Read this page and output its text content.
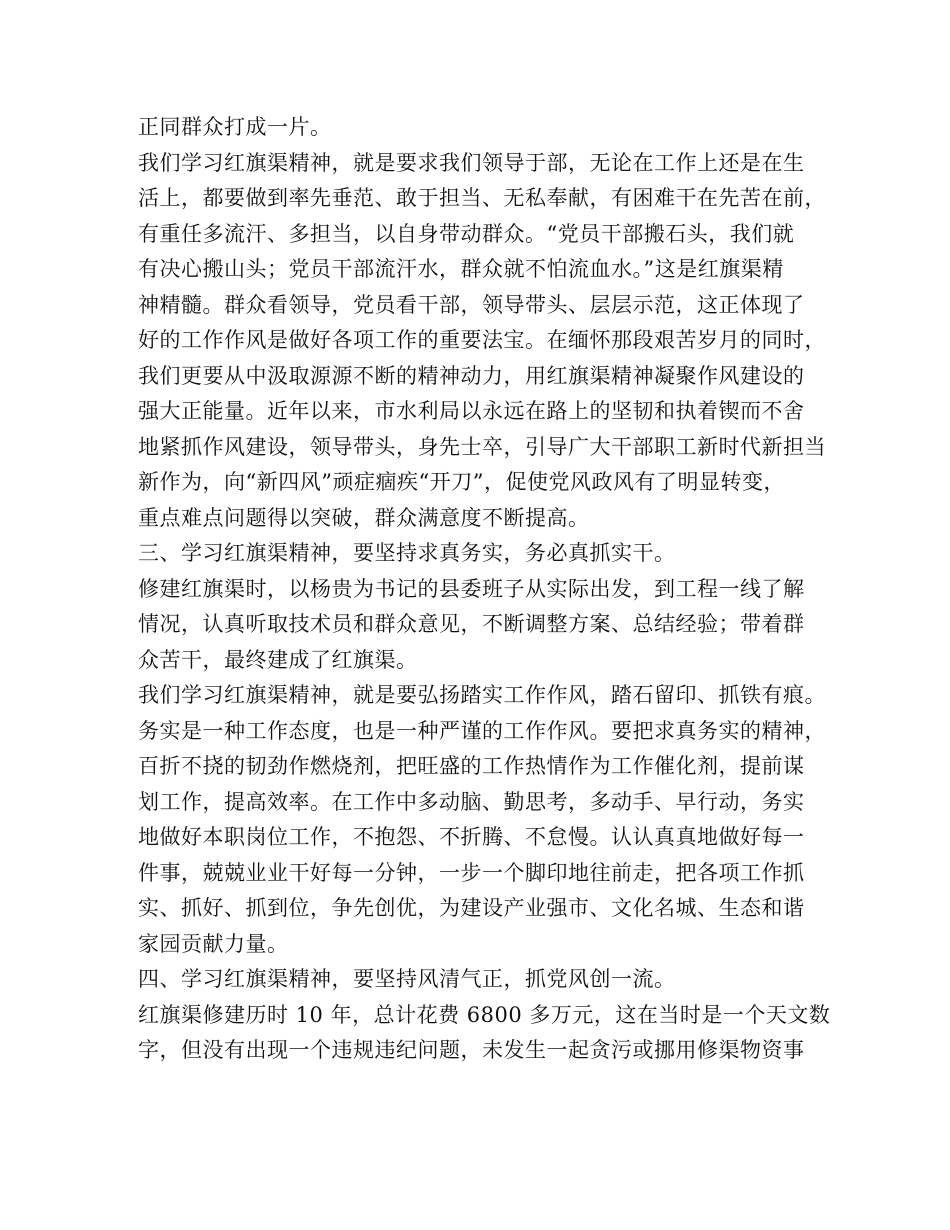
正同群众打成一片。

我们学习红旗渠精神，就是要求我们领导于部，无论在工作上还是在生

活上，都要做到率先垂范、敢于担当、无私奉献，有困难干在先苦在前，

有重任多流汗、多担当，以自身带动群众。“党员干部搬石头，我们就

有决心搬山头；党员干部流汗水，群众就不怕流血水。”这是红旗渠精

神精髓。群众看领导，党员看干部，领导带头、层层示范，这正体现了

好的工作作风是做好各项工作的重要法宝。在缅怀那段艰苦岁月的同时，

我们更要从中汲取源源不断的精神动力，用红旗渠精神凝聚作风建设的

强大正能量。近年以来，市水利局以永远在路上的坚韧和执着锲而不舍

地紧抓作风建设，领导带头，身先士卒，引导广大干部职工新时代新担当

新作为，向“新四风”顽症痼疾“开刀”，促使党风政风有了明显转变，

重点难点问题得以突破，群众满意度不断提高。

三、学习红旗渠精神，要坚持求真务实，务必真抓实干。

修建红旗渠时，以杨贵为书记的县委班子从实际出发，到工程一线了解

情况，认真听取技术员和群众意见，不断调整方案、总结经验；带着群

众苦干，最终建成了红旗渠。

我们学习红旗渠精神，就是要弘扬踏实工作作风，踏石留印、抓铁有痕。

务实是一种工作态度，也是一种严谨的工作作风。要把求真务实的精神，

百折不挠的韧劲作燃烧剂，把旺盛的工作热情作为工作催化剂，提前谋

划工作，提高效率。在工作中多动脑、勤思考，多动手、早行动，务实

地做好本职岗位工作，不抱怨、不折腾、不怠慢。认认真真地做好每一

件事，兢兢业业干好每一分钟，一步一个脚印地往前走，把各项工作抓

实、抓好、抓到位，争先创优，为建设产业强市、文化名城、生态和谐

家园贡献力量。

四、学习红旗渠精神，要坚持风清气正，抓党风创一流。

红旗渠修建历时 10 年，总计花费 6800 多万元，这在当时是一个天文数

字，但没有出现一个违规违纪问题，未发生一起贪污或挪用修渠物资事
